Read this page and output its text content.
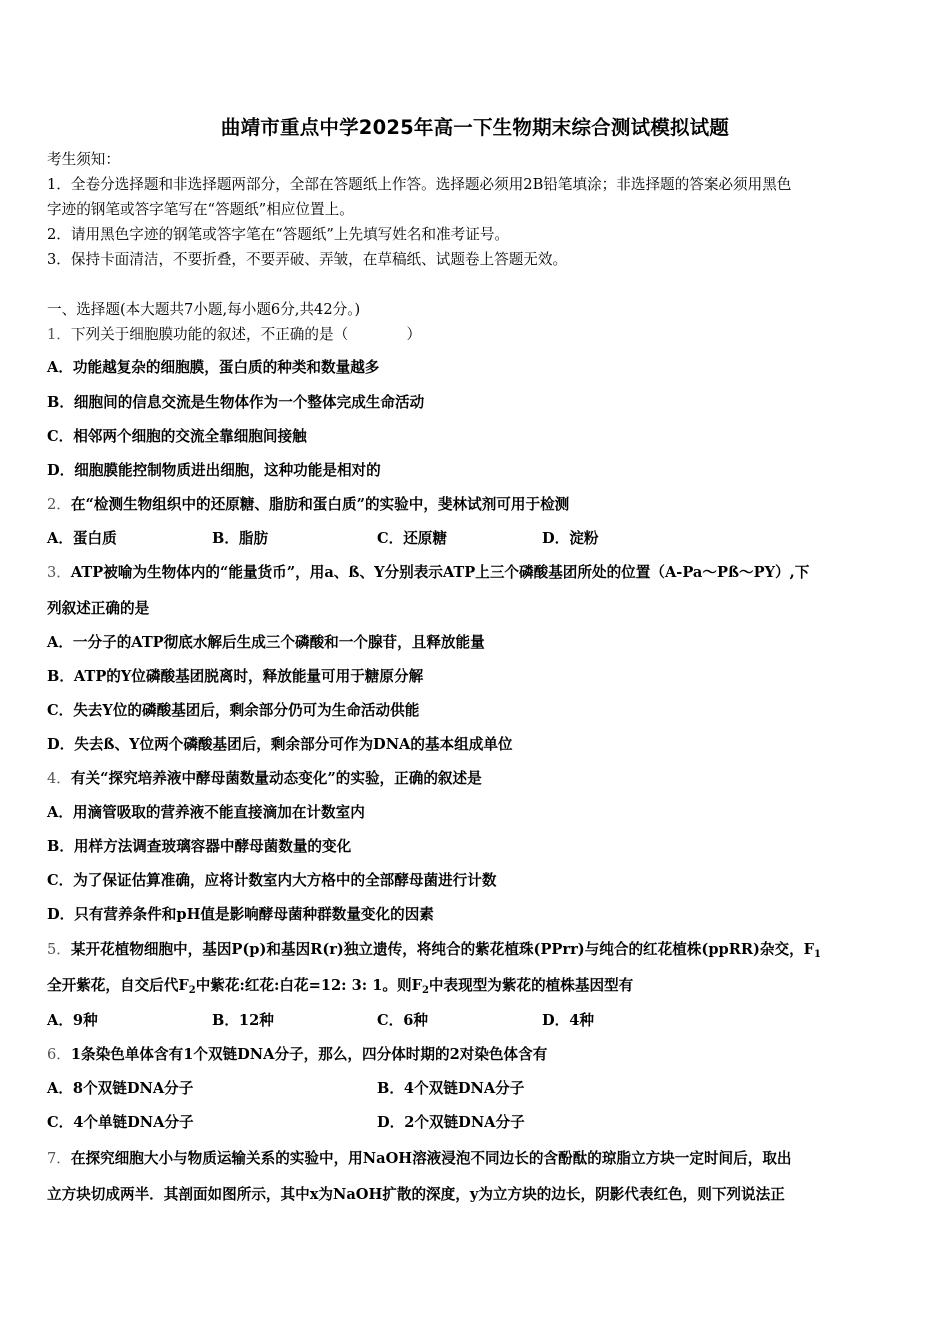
曲靖市重点中学2025年高一下生物期末综合测试模拟试题
考生须知：
1．全卷分选择题和非选择题两部分，全部在答题纸上作答。选择题必须用2B铅笔填涂；非选择题的答案必须用黑色
字迹的钢笔或答字笔写在“答题纸”相应位置上。
2．请用黑色字迹的钢笔或答字笔在“答题纸”上先填写姓名和准考证号。
3．保持卡面清洁，不要折叠，不要弄破、弄皱，在草稿纸、试题卷上答题无效。
一、选择题(本大题共7小题,每小题6分,共42分。)
1．下列关于细胞膜功能的叙述，不正确的是（　　　　）
A．功能越复杂的细胞膜，蛋白质的种类和数量越多
B．细胞间的信息交流是生物体作为一个整体完成生命活动
C．相邻两个细胞的交流全靠细胞间接触
D．细胞膜能控制物质进出细胞，这种功能是相对的
2．在“检测生物组织中的还原糖、脂肪和蛋白质”的实验中，斐林试剂可用于检测
A．蛋白质	B．脂肪	C．还原糖	D．淀粉
3．ATP被喻为生物体内的“能量货币”，用a、ß、Y分别表示ATP上三个磷酸基团所处的位置（A-Pa～Pß～PY）,下
列叙述正确的是
A．一分子的ATP彻底水解后生成三个磷酸和一个腺苷，且释放能量
B．ATP的Y位磷酸基团脱离时，释放能量可用于糖原分解
C．失去Y位的磷酸基团后，剩余部分仍可为生命活动供能
D．失去ß、Y位两个磷酸基团后，剩余部分可作为DNA的基本组成单位
4．有关“探究培养液中酵母菌数量动态变化”的实验，正确的叙述是
A．用滴管吸取的营养液不能直接滴加在计数室内
B．用样方法调查玻璃容器中酵母菌数量的变化
C．为了保证估算准确，应将计数室内大方格中的全部酵母菌进行计数
D．只有营养条件和pH值是影响酵母菌种群数量变化的因素
5．某开花植物细胞中，基因P(p)和基因R(r)独立遗传，将纯合的紫花植珠(PPrr)与纯合的红花植株(ppRR)杂交，$F_1$
全开紫花，自交后代$F_2$中紫花:红花:白花=12: 3: 1。则$F_2$中表现型为紫花的植株基因型有
A．9种	B．12种	C．6种	D．4种
6．1条染色单体含有1个双链DNA分子，那么，四分体时期的2对染色体含有
A．8个双链DNA分子	B．4个双链DNA分子
C．4个单链DNA分子	D．2个双链DNA分子
7．在探究细胞大小与物质运输关系的实验中，用NaOH溶液浸泡不同边长的含酚酞的琼脂立方块一定时间后，取出
立方块切成两半．其剖面如图所示，其中x为NaOH扩散的深度，y为立方块的边长，阴影代表红色，则下列说法正
